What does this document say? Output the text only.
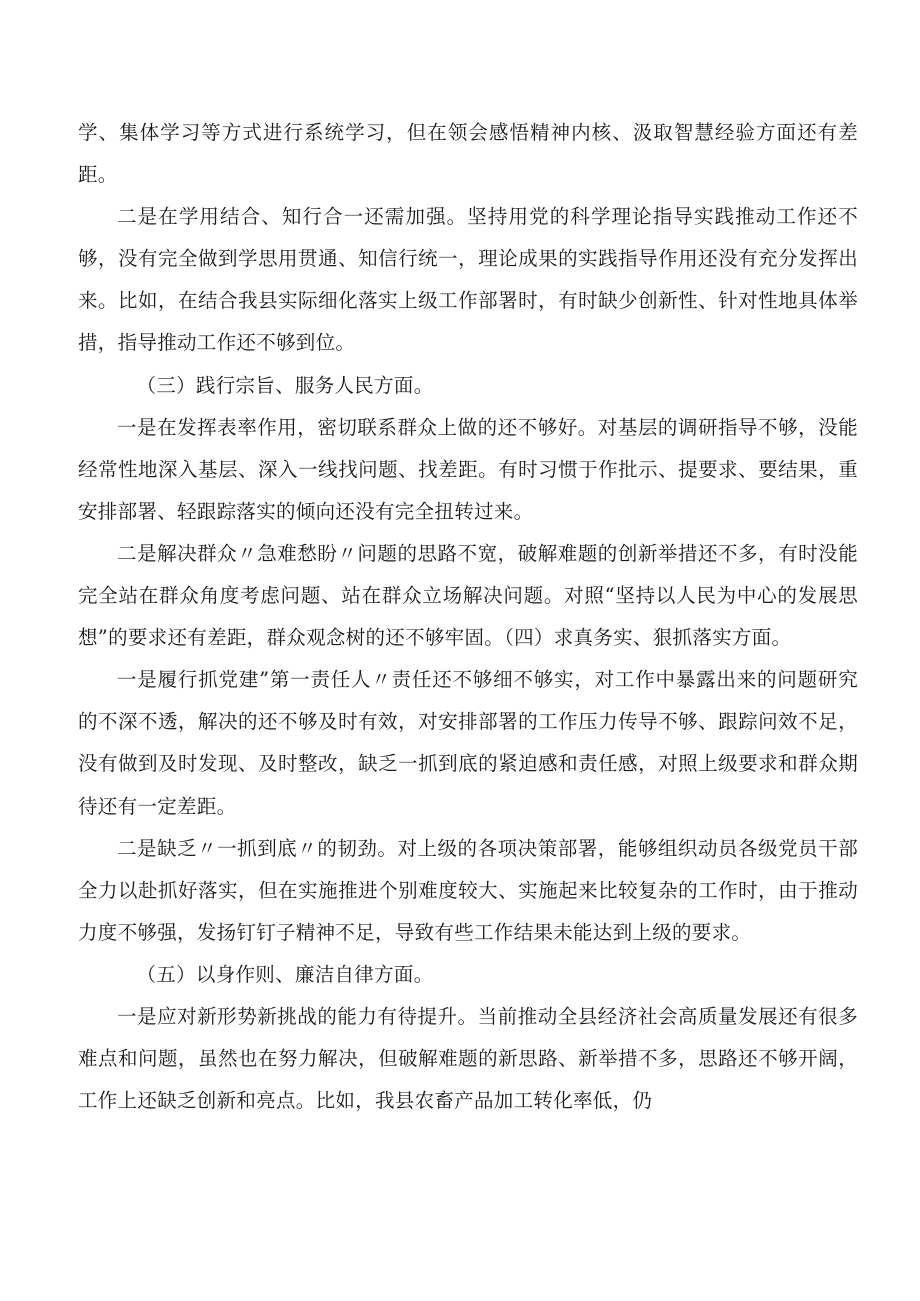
学、集体学习等方式进行系统学习，但在领会感悟精神内核、汲取智慧经验方面还有差距。

二是在学用结合、知行合一还需加强。坚持用党的科学理论指导实践推动工作还不够，没有完全做到学思用贯通、知信行统一，理论成果的实践指导作用还没有充分发挥出来。比如，在结合我县实际细化落实上级工作部署时，有时缺少创新性、针对性地具体举措，指导推动工作还不够到位。

（三）践行宗旨、服务人民方面。

一是在发挥表率作用，密切联系群众上做的还不够好。对基层的调研指导不够，没能经常性地深入基层、深入一线找问题、找差距。有时习惯于作批示、提要求、要结果，重安排部署、轻跟踪落实的倾向还没有完全扭转过来。

二是解决群众〃急难愁盼〃问题的思路不宽，破解难题的创新举措还不多，有时没能完全站在群众角度考虑问题、站在群众立场解决问题。对照“坚持以人民为中心的发展思想”的要求还有差距，群众观念树的还不够牢固。（四）求真务实、狠抓落实方面。

一是履行抓党建”第一责任人〃责任还不够细不够实，对工作中暴露出来的问题研究的不深不透，解决的还不够及时有效，对安排部署的工作压力传导不够、跟踪问效不足，没有做到及时发现、及时整改，缺乏一抓到底的紧迫感和责任感，对照上级要求和群众期待还有一定差距。

二是缺乏〃一抓到底〃的韧劲。对上级的各项决策部署，能够组织动员各级党员干部全力以赴抓好落实，但在实施推进个别难度较大、实施起来比较复杂的工作时，由于推动力度不够强，发扬钉钉子精神不足，导致有些工作结果未能达到上级的要求。

（五）以身作则、廉洁自律方面。

一是应对新形势新挑战的能力有待提升。当前推动全县经济社会高质量发展还有很多难点和问题，虽然也在努力解决，但破解难题的新思路、新举措不多，思路还不够开阔，工作上还缺乏创新和亮点。比如，我县农畜产品加工转化率低，仍
